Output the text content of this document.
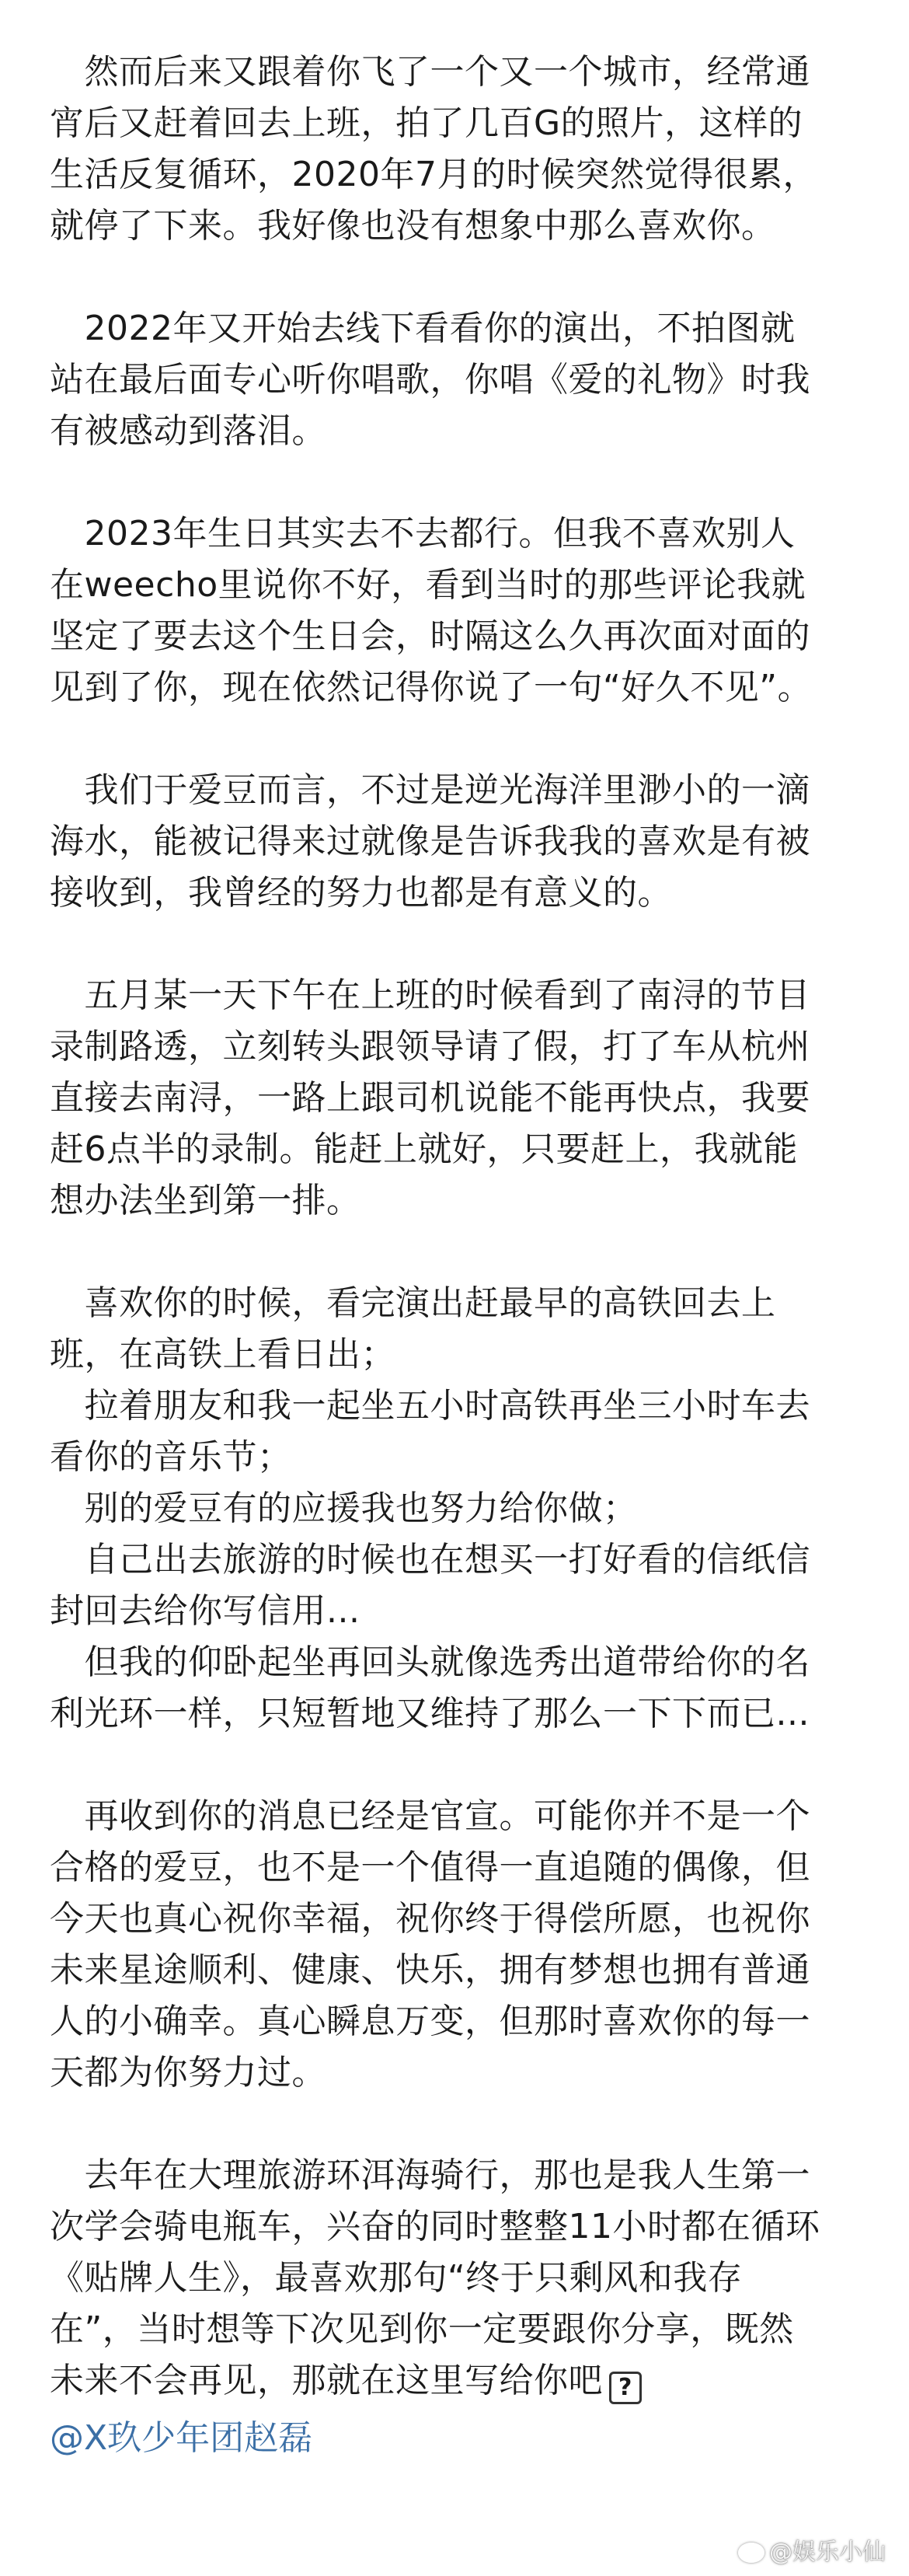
　然而后来又跟着你飞了一个又一个城市，经常通
宵后又赶着回去上班，拍了几百G的照片，这样的
生活反复循环，2020年7月的时候突然觉得很累，
就停了下来。我好像也没有想象中那么喜欢你。
　2022年又开始去线下看看你的演出，不拍图就
站在最后面专心听你唱歌，你唱《爱的礼物》时我
有被感动到落泪。
　2023年生日其实去不去都行。但我不喜欢别人
在weecho里说你不好，看到当时的那些评论我就
坚定了要去这个生日会，时隔这么久再次面对面的
见到了你，现在依然记得你说了一句“好久不见”。
　我们于爱豆而言，不过是逆光海洋里渺小的一滴
海水，能被记得来过就像是告诉我我的喜欢是有被
接收到，我曾经的努力也都是有意义的。
　五月某一天下午在上班的时候看到了南浔的节目
录制路透，立刻转头跟领导请了假，打了车从杭州
直接去南浔，一路上跟司机说能不能再快点，我要
赶6点半的录制。能赶上就好，只要赶上，我就能
想办法坐到第一排。
　喜欢你的时候，看完演出赶最早的高铁回去上
班，在高铁上看日出；
　拉着朋友和我一起坐五小时高铁再坐三小时车去
看你的音乐节；
　别的爱豆有的应援我也努力给你做；
　自己出去旅游的时候也在想买一打好看的信纸信
封回去给你写信用...
　但我的仰卧起坐再回头就像选秀出道带给你的名
利光环一样，只短暂地又维持了那么一下下而已...
　再收到你的消息已经是官宣。可能你并不是一个
合格的爱豆，也不是一个值得一直追随的偶像，但
今天也真心祝你幸福，祝你终于得偿所愿，也祝你
未来星途顺利、健康、快乐，拥有梦想也拥有普通
人的小确幸。真心瞬息万变，但那时喜欢你的每一
天都为你努力过。
　去年在大理旅游环洱海骑行，那也是我人生第一
次学会骑电瓶车，兴奋的同时整整11小时都在循环
《贴牌人生》，最喜欢那句“终于只剩风和我存
在”，当时想等下次见到你一定要跟你分享，既然
未来不会再见，那就在这里写给你吧 ?
@X玖少年团赵磊
@娱乐小仙
